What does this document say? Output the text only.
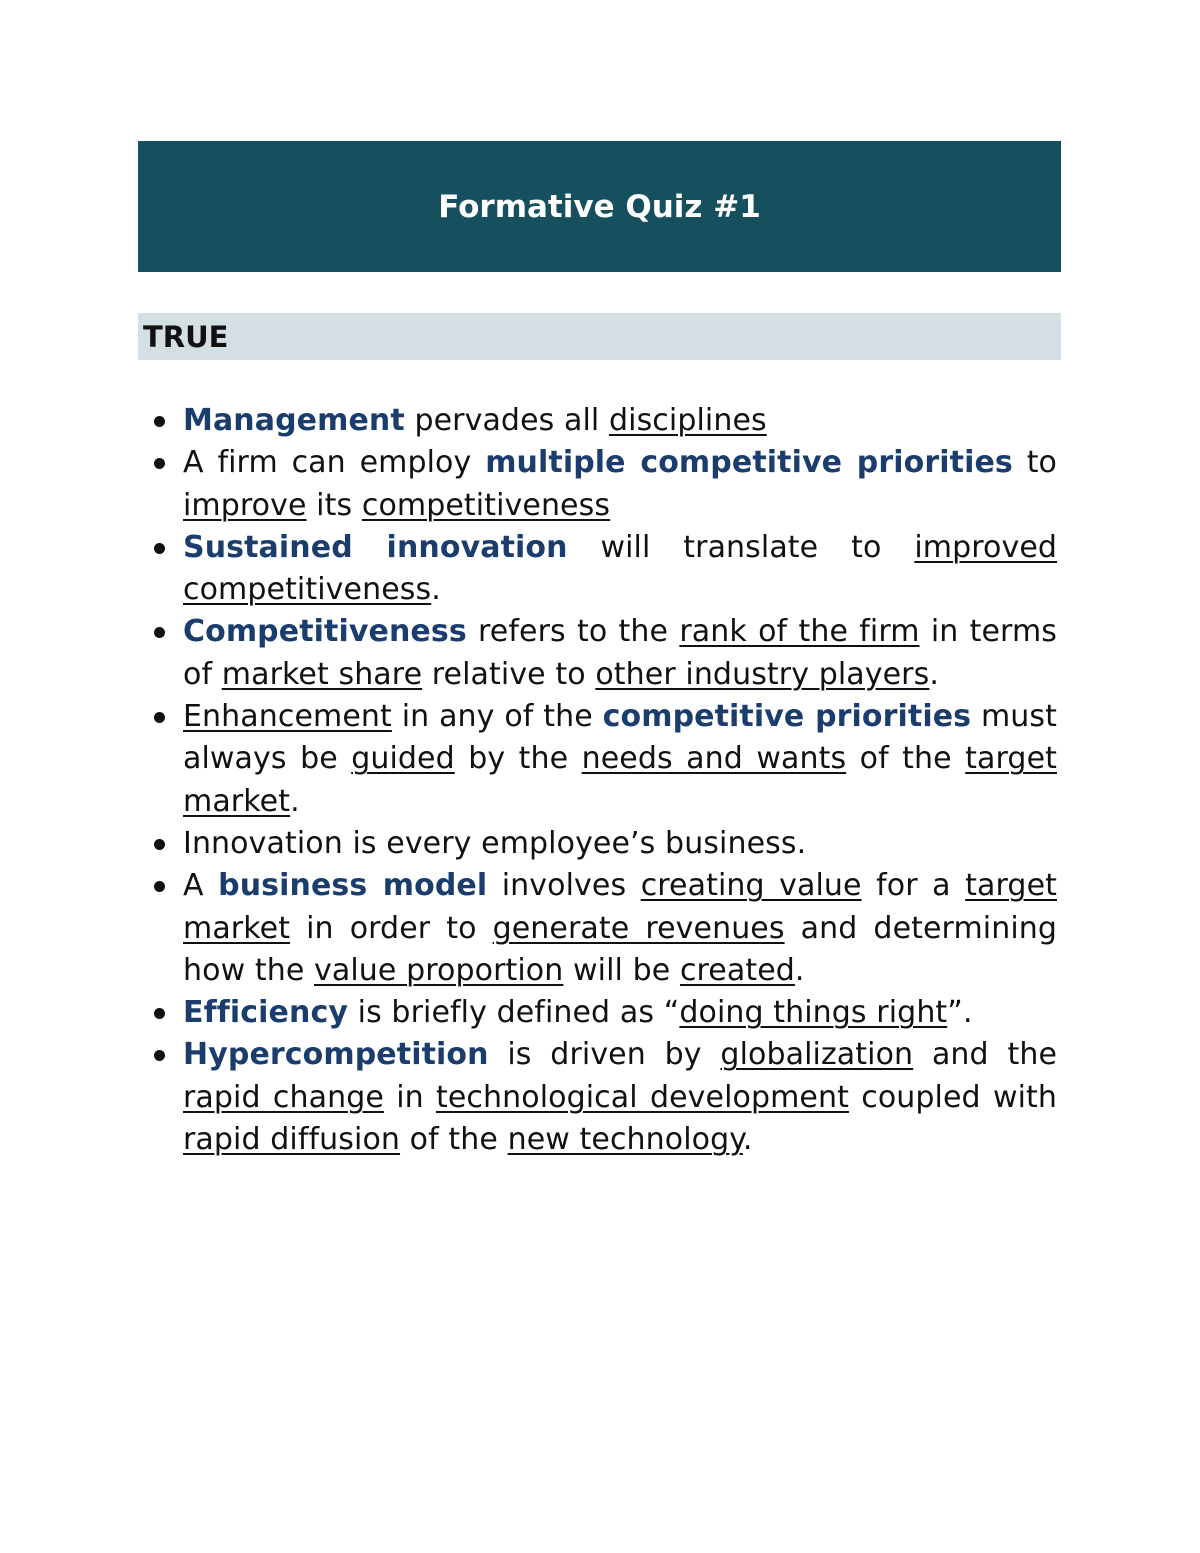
Formative Quiz #1
TRUE
Management pervades all disciplines
A firm can employ multiple competitive priorities to improve its competitiveness
Sustained innovation will translate to improved competitiveness.
Competitiveness refers to the rank of the firm in terms of market share relative to other industry players.
Enhancement in any of the competitive priorities must always be guided by the needs and wants of the target market.
Innovation is every employee’s business.
A business model involves creating value for a target market in order to generate revenues and determining how the value proportion will be created.
Efficiency is briefly defined as “doing things right”.
Hypercompetition is driven by globalization and the rapid change in technological development coupled with rapid diffusion of the new technology.
